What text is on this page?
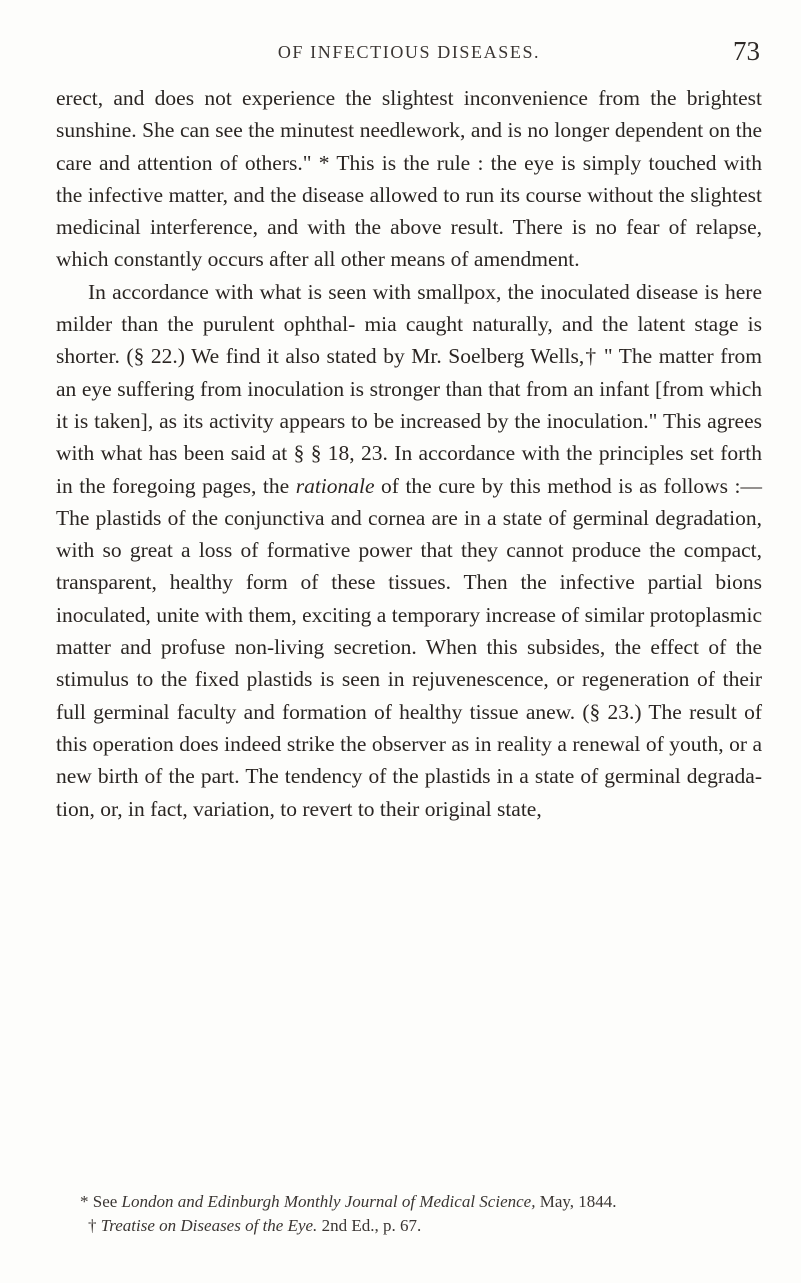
OF INFECTIOUS DISEASES.	73

erect, and does not experience the slightest inconvenience from the brightest sunshine. She can see the minutest needlework, and is no longer dependent on the care and attention of others." * This is the rule : the eye is simply touched with the infective matter, and the disease allowed to run its course without the slightest medicinal interference, and with the above result. There is no fear of relapse, which constantly occurs after all other means of amendment.

In accordance with what is seen with smallpox, the inoculated disease is here milder than the purulent ophthal- mia caught naturally, and the latent stage is shorter. (§ 22.) We find it also stated by Mr. Soelberg Wells,† " The matter from an eye suffering from inoculation is stronger than that from an infant [from which it is taken], as its activity appears to be increased by the inoculation." This agrees with what has been said at § § 18, 23. In accordance with the principles set forth in the foregoing pages, the rationale of the cure by this method is as follows :—The plastids of the conjunctiva and cornea are in a state of germinal degradation, with so great a loss of formative power that they cannot produce the compact, transparent, healthy form of these tissues. Then the infective partial bions inoculated, unite with them, exciting a temporary increase of similar protoplasmic matter and profuse non-living secretion. When this subsides, the effect of the stimulus to the fixed plastids is seen in rejuvenescence, or regeneration of their full germinal faculty and formation of healthy tissue anew. (§ 23.) The result of this operation does indeed strike the observer as in reality a renewal of youth, or a new birth of the part. The tendency of the plastids in a state of germinal degrada- tion, or, in fact, variation, to revert to their original state,

* See London and Edinburgh Monthly Journal of Medical Science, May, 1844.

† Treatise on Diseases of the Eye. 2nd Ed., p. 67.
